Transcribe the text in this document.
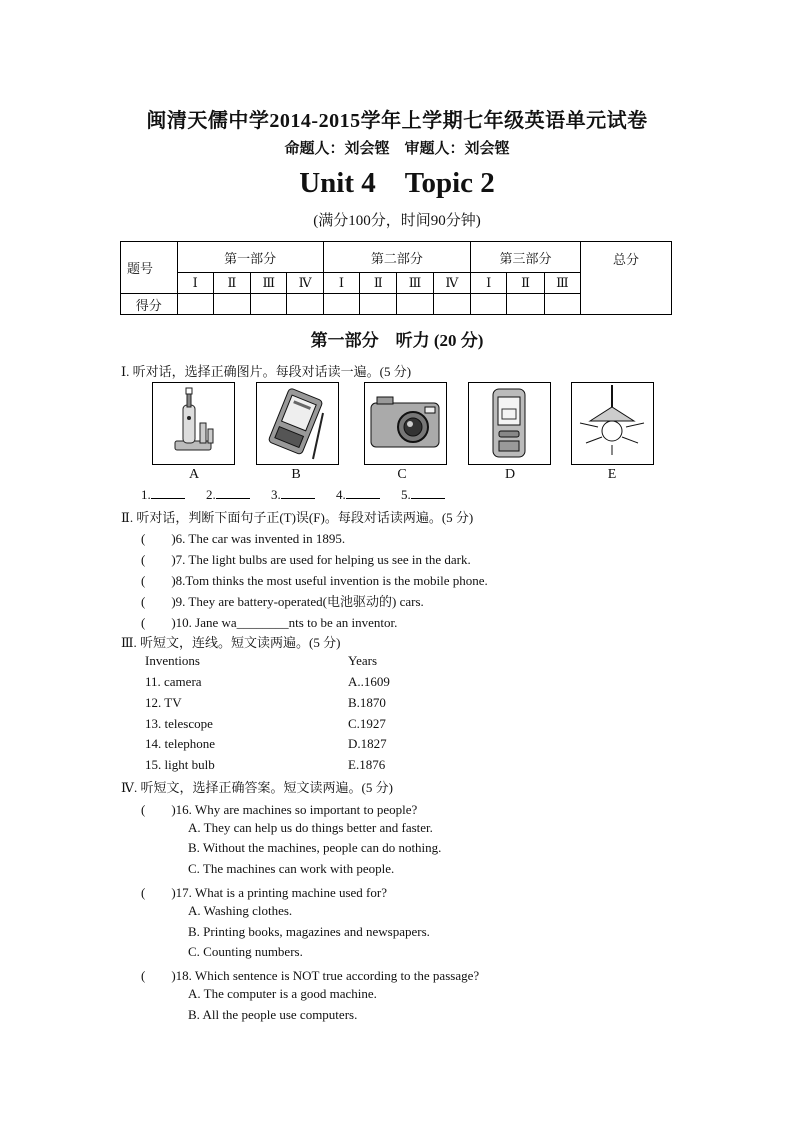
闽清天儒中学2014-2015学年上学期七年级英语单元试卷
命题人：刘会铿　审题人：刘会铿
Unit 4　Topic 2
(满分100分，时间90分钟)
题号	第一部分				第二部分				第三部分			总分
	Ⅰ	Ⅱ	Ⅲ	Ⅳ	Ⅰ	Ⅱ	Ⅲ	Ⅳ	Ⅰ	Ⅱ	Ⅲ	
得分												
第一部分　听力 (20 分)
Ⅰ. 听对话，选择正确图片。每段对话读一遍。(5 分)
A	B	C	D	E
1.	2.	3.	4.	5.
Ⅱ. 听对话，判断下面句子正(T)误(F)。每段对话读两遍。(5 分)
(　　)6. The car was invented in 1895.
(　　)7. The light bulbs are used for helping us see in the dark.
(　　)8.Tom thinks the most useful invention is the mobile phone.
(　　)9. They are battery-operated(电池驱动的) cars.
(　　)10. Jane wa________nts to be an inventor.
Ⅲ. 听短文，连线。短文读两遍。(5 分)
Inventions	Years
11. camera	A..1609
12. TV	B.1870
13. telescope	C.1927
14. telephone	D.1827
15. light bulb	E.1876
Ⅳ. 听短文，选择正确答案。短文读两遍。(5 分)
(　　)16. Why are machines so important to people?
A. They can help us do things better and faster.
B. Without the machines, people can do nothing.
C. The machines can work with people.
(　　)17. What is a printing machine used for?
A. Washing clothes.
B. Printing books, magazines and newspapers.
C. Counting numbers.
(　　)18. Which sentence is NOT true according to the passage?
A. The computer is a good machine.
B. All the people use computers.
